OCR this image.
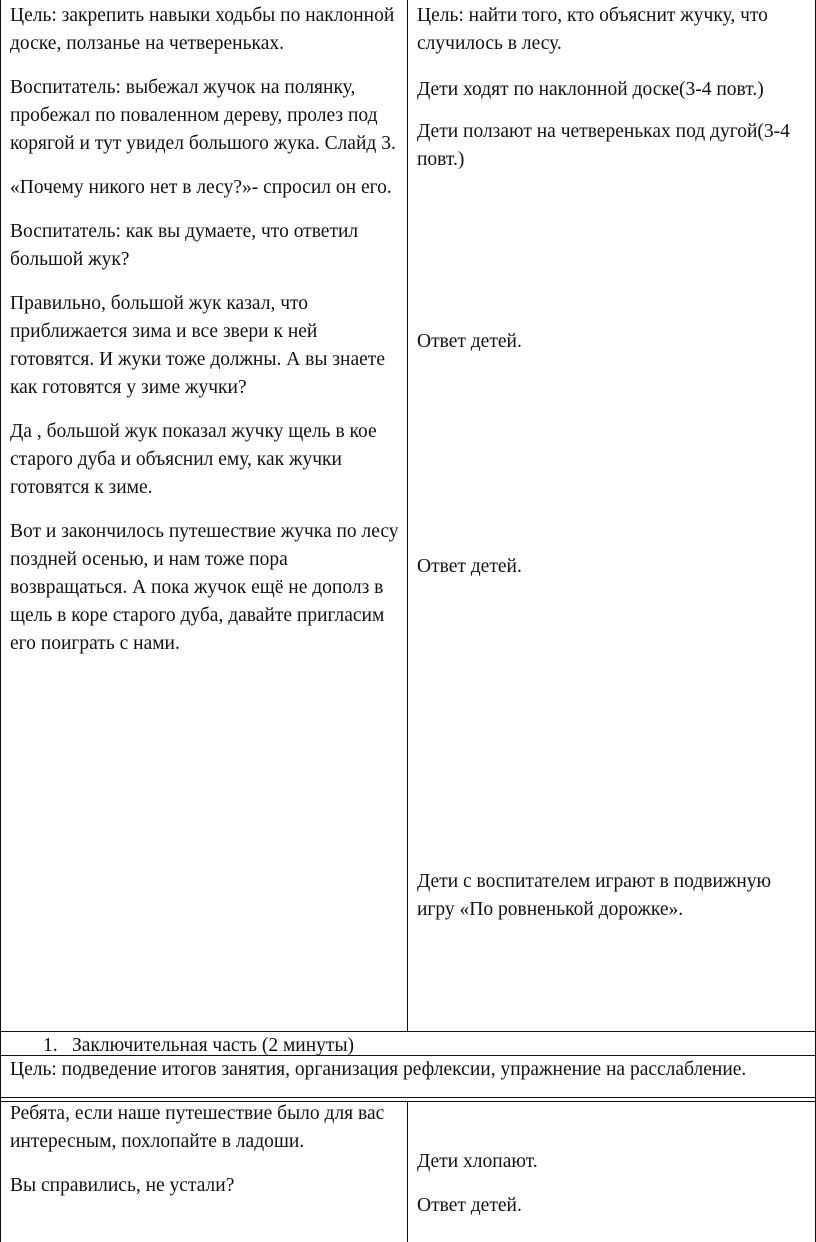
Цель: закрепить навыки ходьбы по наклонной доске, ползанье на четвереньках.

Воспитатель: выбежал жучок на полянку, пробежал по поваленном дереву, пролез под корягой и тут увидел большого жука. Слайд 3.

«Почему никого нет в лесу?»- спросил он его.

Воспитатель: как вы думаете, что ответил большой жук?

Правильно, большой жук казал, что приближается зима и все звери к ней готовятся. И жуки тоже должны. А вы знаете как готовятся у зиме жучки?

Да , большой жук показал жучку щель в кое старого дуба и объяснил ему, как жучки готовятся к зиме.

Вот и закончилось путешествие жучка по лесу поздней осенью, и нам тоже пора возвращаться. А пока жучок ещё не дополз в щель в коре старого дуба, давайте пригласим его поиграть с нами.

Цель: найти того, кто объяснит жучку, что случилось в лесу.

Дети ходят по наклонной доске(3-4 повт.)

Дети ползают на четвереньках под дугой(3-4 повт.)

Ответ детей.

Ответ детей.

Дети с воспитателем играют в подвижную игру «По ровненькой дорожке».

1. Заключительная часть (2 минуты)
Цель: подведение итогов занятия, организация рефлексии, упражнение на расслабление.

Ребята, если наше путешествие было для вас интересным, похлопайте в ладоши.

Вы справились, не устали?

Дети хлопают.

Ответ детей.
